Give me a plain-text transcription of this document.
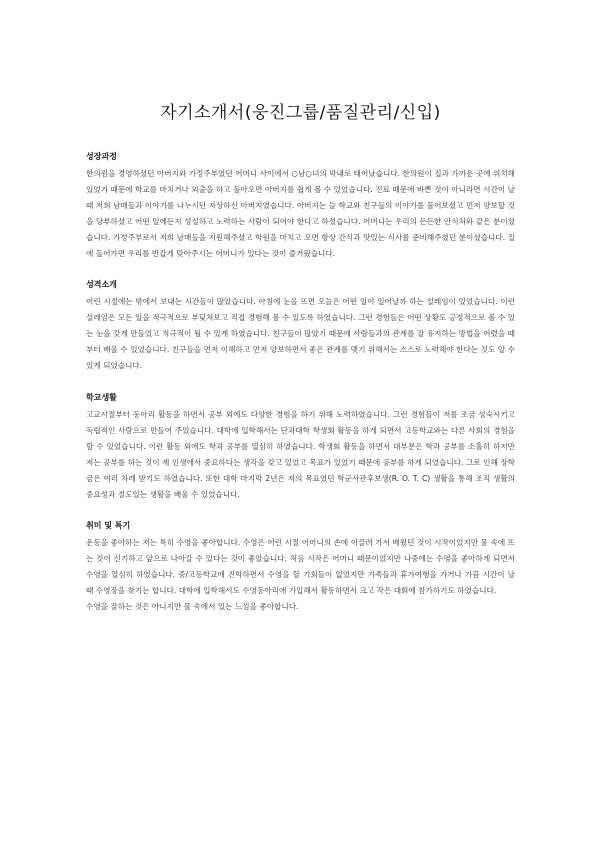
자기소개서(웅진그룹/품질관리/신입)
성장과정

한의원을 경영하셨던 아버지와 가정주부였던 어머니 사이에서 ○남○녀의 막내로 태어났습니다. 한의원이 집과 가까운 곳에 위치해 있었기 때문에 학교를 마치거나 외출을 하고 돌아오면 아버지를 쉽게 볼 수 있었습니다. 진료 때문에 바쁜 것이 아니라면 시간이 날 때 저희 남매들과 이야기를 나누시던 자상하신 아버지였습니다. 아버지는 늘 학교와 친구들의 이야기를 물어보셨고 먼저 양보할 것을 당부하셨고 어떤 일에든지 성실하고 노력하는 사람이 되어야 한다고 하셨습니다. 어머니는 우리의 든든한 안식처와 같은 분이셨습니다. 가정주부로서 저희 남매들을 지원해주셨고 학원을 마치고 오면 항상 간식과 맛있는 식사를 준비해주셨던 분이셨습니다. 집에 들어가면 우리를 반갑게 맞아주시는 어머니가 있다는 것이 즐거웠습니다.

성격소개

어린 시절에는 밖에서 보내는 시간들이 많았습니다. 아침에 눈을 뜨면 오늘은 어떤 일이 일어날까 하는 설레임이 있었습니다. 이런 설레임은 모든 일을 적극적으로 부딪쳐보고 직접 경험해 볼 수 있도록 하였습니다. 그런 경험들은 어떤 상황도 긍정적으로 볼 수 있는 눈을 갖게 만들었고 적극적이 될 수 있게 하였습니다. 친구들이 많았기 때문에 사람들과의 관계를 잘 유지하는 방법을 어렸을 때부터 배울 수 있었습니다. 친구들을 먼저 이해하고 먼저 양보하면서 좋은 관계를 맺기 위해서는 스스로 노력해야 한다는 것도 알 수 있게 되었습니다.

학교생활

고교시절부터 동아리 활동을 하면서 공부 외에도 다양한 경험을 하기 위해 노력하였습니다. 그런 경험들이 저를 조금 성숙시키고 독립적인 사람으로 만들어 주었습니다. 대학에 입학해서는 단과대학 학생회 활동을 하게 되면서 고등학교와는 다른 사회의 경험을 할 수 있었습니다. 이런 활동 외에도 학과 공부를 열심히 하였습니다. 학생회 활동을 하면서 대부분은 학과 공부를 소홀히 하지만 저는 공부를 하는 것이 제 인생에서 중요하다는 생각을 갖고 있었고 목표가 있었기 때문에 공부를 하게 되었습니다. 그로 인해 장학금은 여러 차례 받기도 하였습니다. 또한 대학 마지막 2년은 저의 목표였던 학군사관후보생(R. O. T. C) 생활을 통해 조직 생활의 중요성과 절도있는 생활을 배울 수 있었습니다.

취미 및 특기

운동을 좋아하는 저는 특히 수영을 좋아합니다. 수영은 어린 시절 어머니의 손에 이끌려 가서 배웠던 것이 시작이었지만 물 속에 뜨는 것이 신기하고 앞으로 나아갈 수 있다는 것이 좋았습니다. 처음 시작은 어머니 때문이었지만 나중에는 수영을 좋아하게 되면서 수영을 열심히 하였습니다. 중/고등학교에 진학하면서 수영을 할 기회들이 없었지만 가족들과 휴가여행을 가거나 가끔 시간이 날 때 수영장을 찾기는 합니다. 대학에 입학해서도 수영동아리에 가입해서 활동하면서 크고 작은 대회에 참가하기도 하였습니다.

수영을 잘하는 것은 아니지만 물 속에서 있는 느낌을 좋아합니다.
